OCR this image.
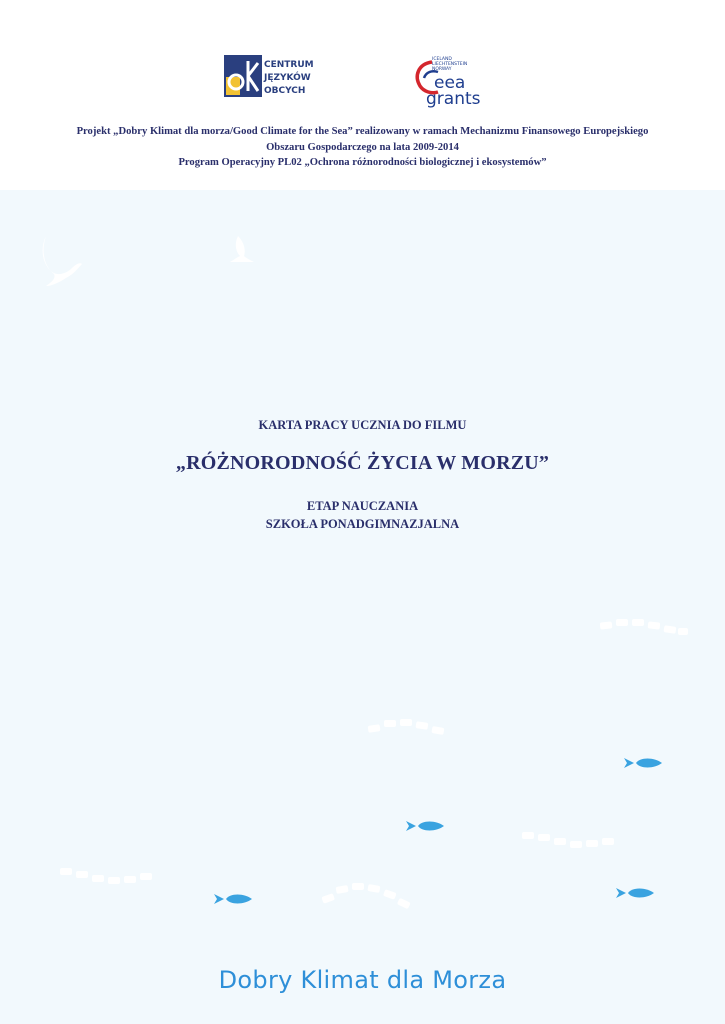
CENTRUM
JĘZYKÓW
OBCYCH
ICELAND
LIECHTENSTEIN
NORWAY
eea
grants
Projekt „Dobry Klimat dla morza/Good Climate for the Sea” realizowany w ramach Mechanizmu Finansowego Europejskiego
Obszaru Gospodarczego na lata 2009-2014
Program Operacyjny PL02 „Ochrona różnorodności biologicznej i ekosystemów”
KARTA PRACY UCZNIA DO FILMU
„RÓŻNORODNOŚĆ ŻYCIA W MORZU”
ETAP NAUCZANIA
SZKOŁA PONADGIMNAZJALNA
Dobry Klimat dla Morza
